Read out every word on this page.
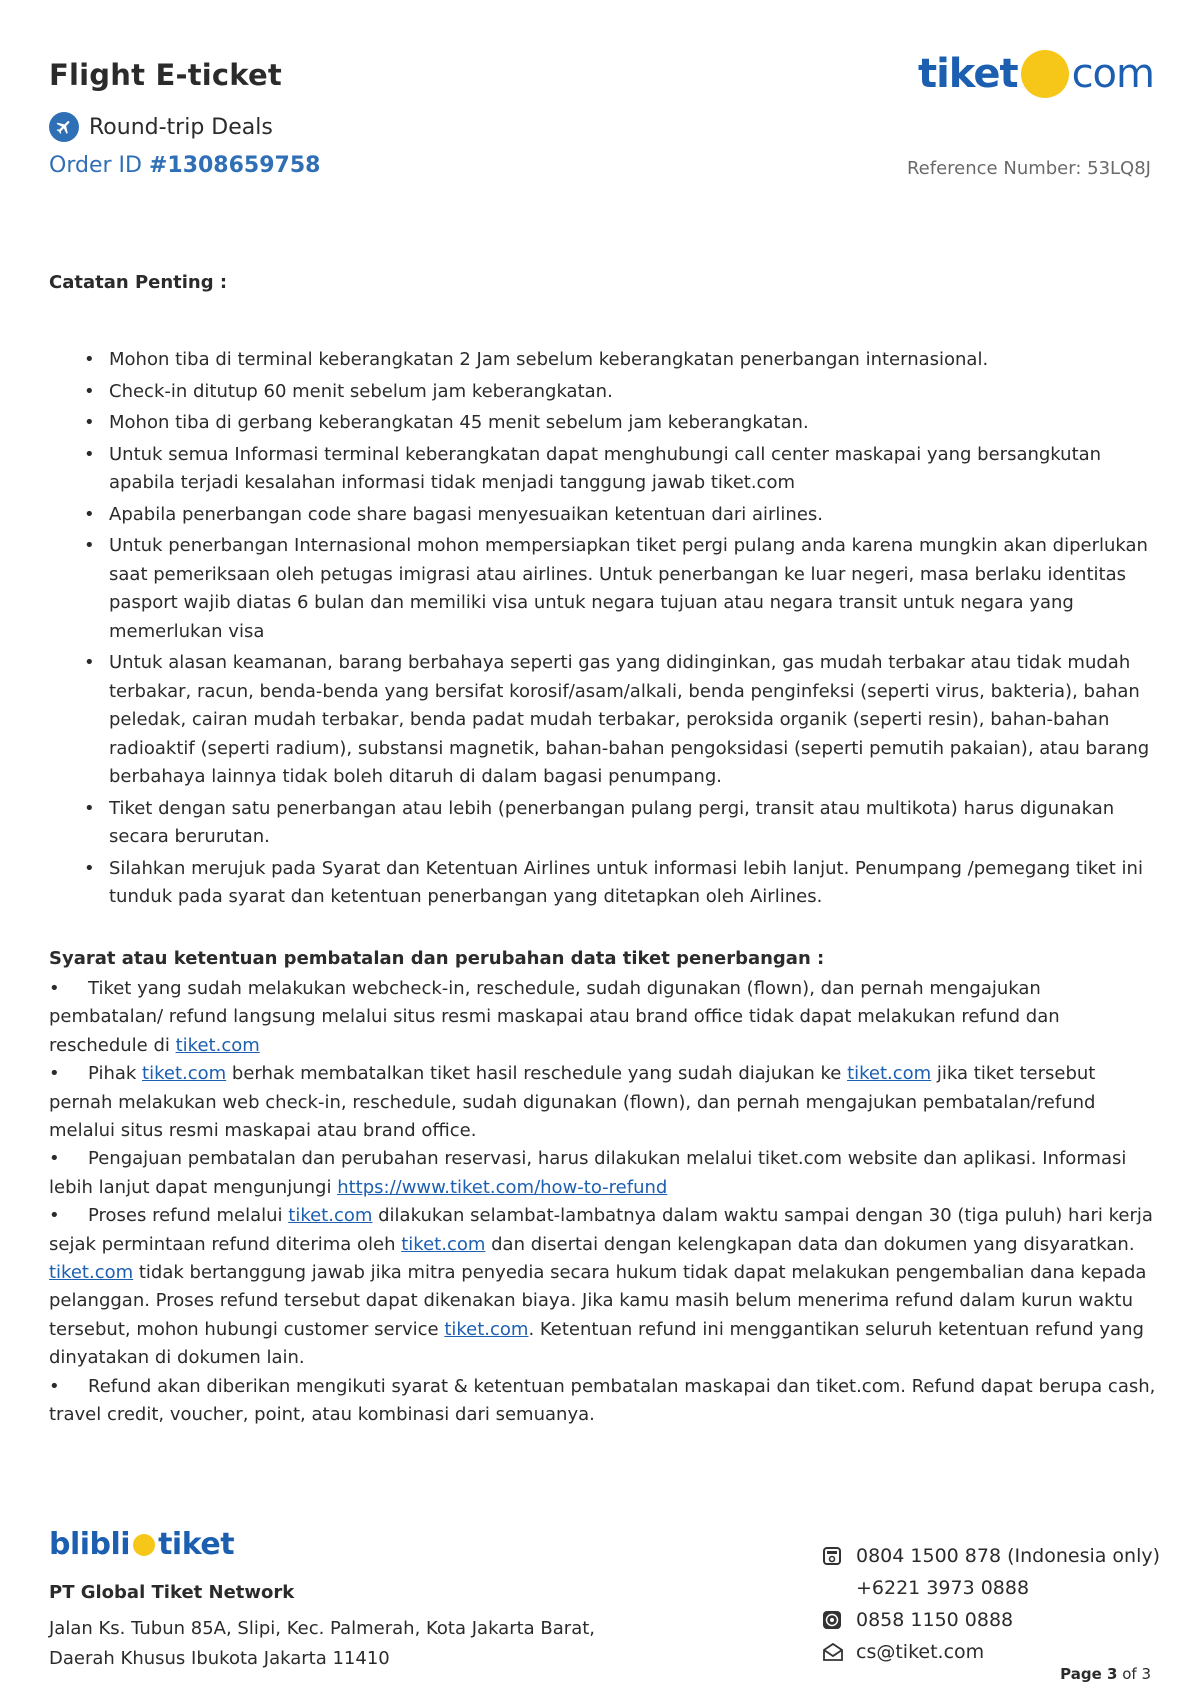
Flight E-ticket	tiket com
Round-trip Deals
Order ID #1308659758	Reference Number: 53LQ8J
Catatan Penting :
• Mohon tiba di terminal keberangkatan 2 Jam sebelum keberangkatan penerbangan internasional.
• Check-in ditutup 60 menit sebelum jam keberangkatan.
• Mohon tiba di gerbang keberangkatan 45 menit sebelum jam keberangkatan.
• Untuk semua Informasi terminal keberangkatan dapat menghubungi call center maskapai yang bersangkutan apabila terjadi kesalahan informasi tidak menjadi tanggung jawab tiket.com
• Apabila penerbangan code share bagasi menyesuaikan ketentuan dari airlines.
• Untuk penerbangan Internasional mohon mempersiapkan tiket pergi pulang anda karena mungkin akan diperlukan saat pemeriksaan oleh petugas imigrasi atau airlines. Untuk penerbangan ke luar negeri, masa berlaku identitas pasport wajib diatas 6 bulan dan memiliki visa untuk negara tujuan atau negara transit untuk negara yang memerlukan visa
• Untuk alasan keamanan, barang berbahaya seperti gas yang didinginkan, gas mudah terbakar atau tidak mudah terbakar, racun, benda-benda yang bersifat korosif/asam/alkali, benda penginfeksi (seperti virus, bakteria), bahan peledak, cairan mudah terbakar, benda padat mudah terbakar, peroksida organik (seperti resin), bahan-bahan radioaktif (seperti radium), substansi magnetik, bahan-bahan pengoksidasi (seperti pemutih pakaian), atau barang berbahaya lainnya tidak boleh ditaruh di dalam bagasi penumpang.
• Tiket dengan satu penerbangan atau lebih (penerbangan pulang pergi, transit atau multikota) harus digunakan secara berurutan.
• Silahkan merujuk pada Syarat dan Ketentuan Airlines untuk informasi lebih lanjut. Penumpang /pemegang tiket ini tunduk pada syarat dan ketentuan penerbangan yang ditetapkan oleh Airlines.
Syarat atau ketentuan pembatalan dan perubahan data tiket penerbangan :
• Tiket yang sudah melakukan webcheck-in, reschedule, sudah digunakan (flown), dan pernah mengajukan pembatalan/ refund langsung melalui situs resmi maskapai atau brand office tidak dapat melakukan refund dan reschedule di tiket.com
• Pihak tiket.com berhak membatalkan tiket hasil reschedule yang sudah diajukan ke tiket.com jika tiket tersebut pernah melakukan web check-in, reschedule, sudah digunakan (flown), dan pernah mengajukan pembatalan/refund melalui situs resmi maskapai atau brand office.
• Pengajuan pembatalan dan perubahan reservasi, harus dilakukan melalui tiket.com website dan aplikasi. Informasi lebih lanjut dapat mengunjungi https://www.tiket.com/how-to-refund
• Proses refund melalui tiket.com dilakukan selambat-lambatnya dalam waktu sampai dengan 30 (tiga puluh) hari kerja sejak permintaan refund diterima oleh tiket.com dan disertai dengan kelengkapan data dan dokumen yang disyaratkan. tiket.com tidak bertanggung jawab jika mitra penyedia secara hukum tidak dapat melakukan pengembalian dana kepada pelanggan. Proses refund tersebut dapat dikenakan biaya. Jika kamu masih belum menerima refund dalam kurun waktu tersebut, mohon hubungi customer service tiket.com. Ketentuan refund ini menggantikan seluruh ketentuan refund yang dinyatakan di dokumen lain.
• Refund akan diberikan mengikuti syarat & ketentuan pembatalan maskapai dan tiket.com. Refund dapat berupa cash, travel credit, voucher, point, atau kombinasi dari semuanya.
blibli tiket
PT Global Tiket Network
Jalan Ks. Tubun 85A, Slipi, Kec. Palmerah, Kota Jakarta Barat,
Daerah Khusus Ibukota Jakarta 11410
0804 1500 878 (Indonesia only)
+6221 3973 0888
0858 1150 0888
cs@tiket.com
Page 3 of 3
